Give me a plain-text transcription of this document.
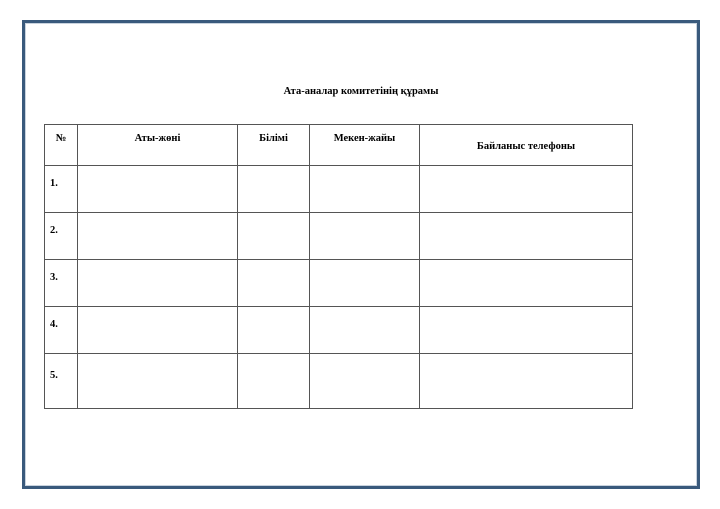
Ата-аналар комитетінің құрамы
№	Аты-жөні	Білімі	Мекен-жайы	Байланыс телефоны
1.				
2.				
3.				
4.				
5.				
